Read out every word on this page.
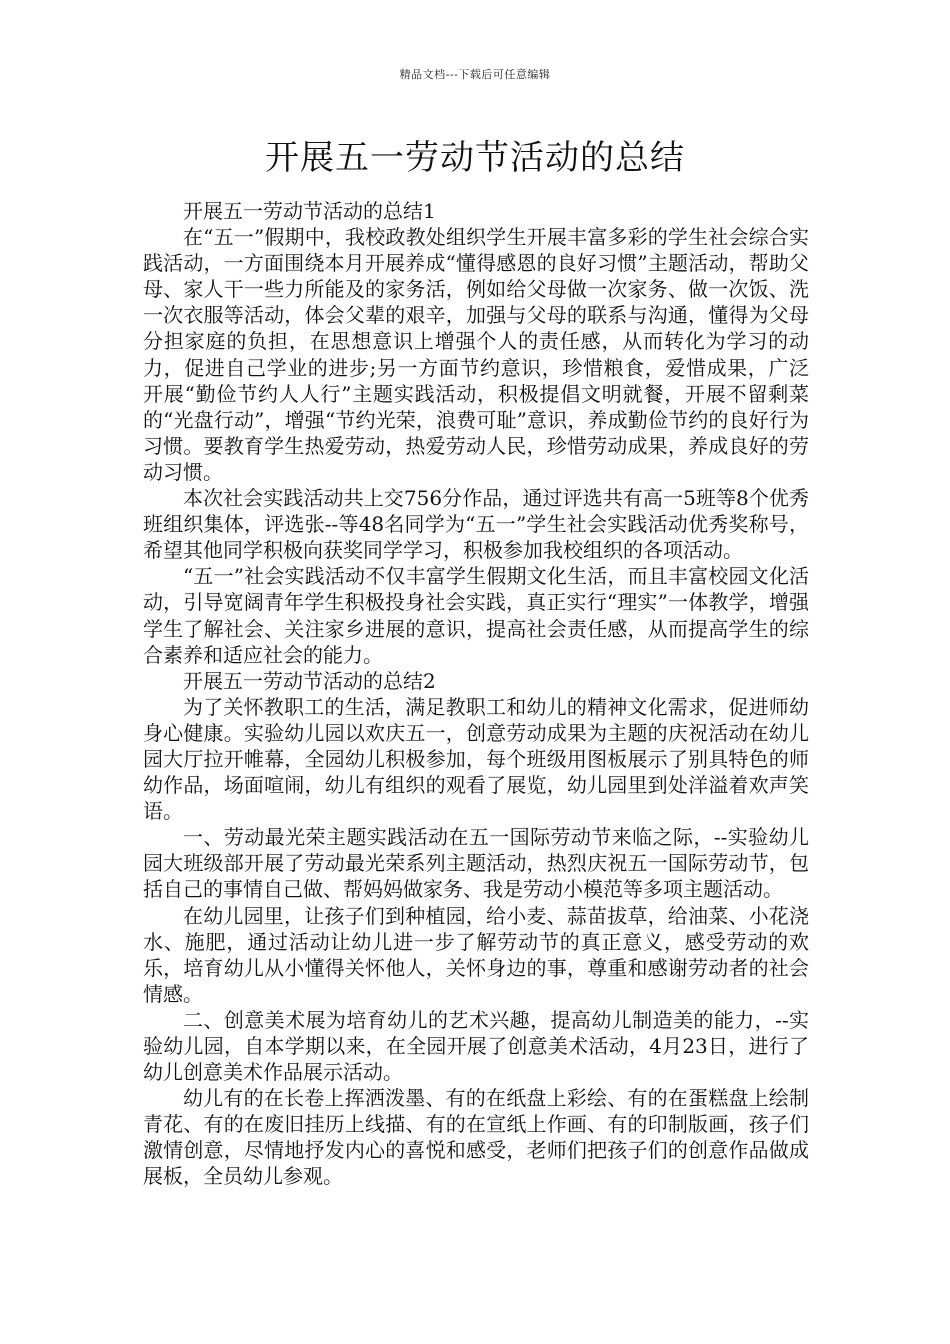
精品文档---下载后可任意编辑
开展五一劳动节活动的总结

开展五一劳动节活动的总结1

在“五一”假期中，我校政教处组织学生开展丰富多彩的学生社会综合实践活动，一方面围绕本月开展养成“懂得感恩的良好习惯”主题活动，帮助父母、家人干一些力所能及的家务活，例如给父母做一次家务、做一次饭、洗一次衣服等活动，体会父辈的艰辛，加强与父母的联系与沟通，懂得为父母分担家庭的负担，在思想意识上增强个人的责任感，从而转化为学习的动力，促进自己学业的进步;另一方面节约意识，珍惜粮食，爱惜成果，广泛开展“勤俭节约人人行”主题实践活动，积极提倡文明就餐，开展不留剩菜的“光盘行动”，增强“节约光荣，浪费可耻”意识，养成勤俭节约的良好行为习惯。要教育学生热爱劳动，热爱劳动人民，珍惜劳动成果，养成良好的劳动习惯。

本次社会实践活动共上交756分作品，通过评选共有高一5班等8个优秀班组织集体，评选张--等48名同学为“五一”学生社会实践活动优秀奖称号，希望其他同学积极向获奖同学学习，积极参加我校组织的各项活动。

“五一”社会实践活动不仅丰富学生假期文化生活，而且丰富校园文化活动，引导宽阔青年学生积极投身社会实践，真正实行“理实”一体教学，增强学生了解社会、关注家乡进展的意识，提高社会责任感，从而提高学生的综合素养和适应社会的能力。

开展五一劳动节活动的总结2

为了关怀教职工的生活，满足教职工和幼儿的精神文化需求，促进师幼身心健康。实验幼儿园以欢庆五一，创意劳动成果为主题的庆祝活动在幼儿园大厅拉开帷幕，全园幼儿积极参加，每个班级用图板展示了别具特色的师幼作品，场面喧闹，幼儿有组织的观看了展览，幼儿园里到处洋溢着欢声笑语。

一、劳动最光荣主题实践活动在五一国际劳动节来临之际，--实验幼儿园大班级部开展了劳动最光荣系列主题活动，热烈庆祝五一国际劳动节，包括自己的事情自己做、帮妈妈做家务、我是劳动小模范等多项主题活动。

在幼儿园里，让孩子们到种植园，给小麦、蒜苗拔草，给油菜、小花浇水、施肥，通过活动让幼儿进一步了解劳动节的真正意义，感受劳动的欢乐，培育幼儿从小懂得关怀他人，关怀身边的事，尊重和感谢劳动者的社会情感。

二、创意美术展为培育幼儿的艺术兴趣，提高幼儿制造美的能力，--实验幼儿园，自本学期以来，在全园开展了创意美术活动，4月23日，进行了幼儿创意美术作品展示活动。

幼儿有的在长卷上挥洒泼墨、有的在纸盘上彩绘、有的在蛋糕盘上绘制青花、有的在废旧挂历上线描、有的在宣纸上作画、有的印制版画，孩子们激情创意，尽情地抒发内心的喜悦和感受，老师们把孩子们的创意作品做成展板，全员幼儿参观。
